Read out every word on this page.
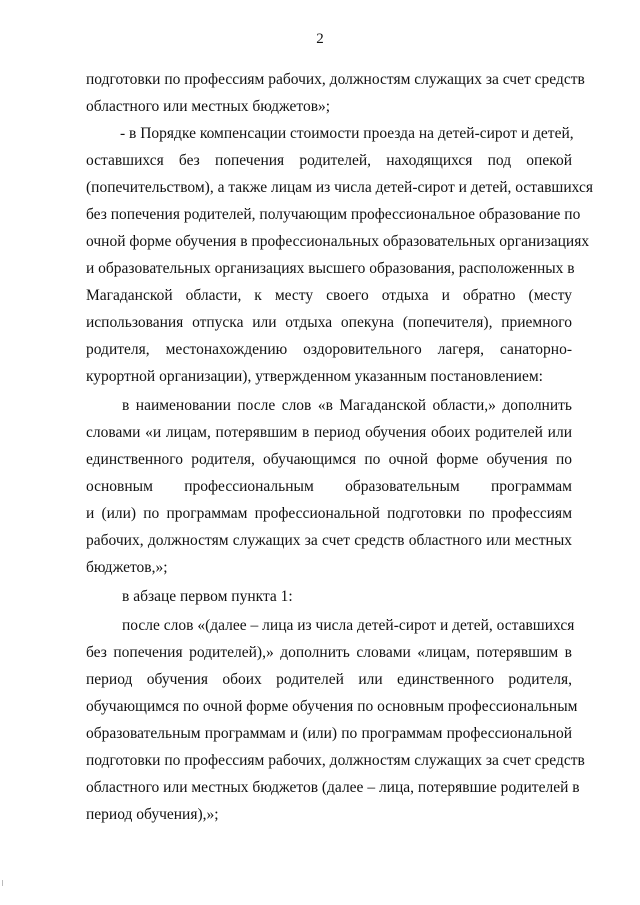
2
подготовки по профессиям рабочих, должностям служащих за счет средств
областного или местных бюджетов»;
- в Порядке компенсации стоимости проезда на детей-сирот и детей,
оставшихся без попечения родителей, находящихся под опекой
(попечительством), а также лицам из числа детей-сирот и детей, оставшихся
без попечения родителей, получающим профессиональное образование по
очной форме обучения в профессиональных образовательных организациях
и образовательных организациях высшего образования, расположенных в
Магаданской области, к месту своего отдыха и обратно (месту
использования отпуска или отдыха опекуна (попечителя), приемного
родителя, местонахождению оздоровительного лагеря, санаторно-
курортной организации), утвержденном указанным постановлением:
в наименовании после слов «в Магаданской области,» дополнить
словами «и лицам, потерявшим в период обучения обоих родителей или
единственного родителя, обучающимся по очной форме обучения по
основным профессиональным образовательным программам
и (или) по программам профессиональной подготовки по профессиям
рабочих, должностям служащих за счет средств областного или местных
бюджетов,»;
в абзаце первом пункта 1:
после слов «(далее – лица из числа детей-сирот и детей, оставшихся
без попечения родителей),» дополнить словами «лицам, потерявшим в
период обучения обоих родителей или единственного родителя,
обучающимся по очной форме обучения по основным профессиональным
образовательным программам и (или) по программам профессиональной
подготовки по профессиям рабочих, должностям служащих за счет средств
областного или местных бюджетов (далее – лица, потерявшие родителей в
период обучения),»;
